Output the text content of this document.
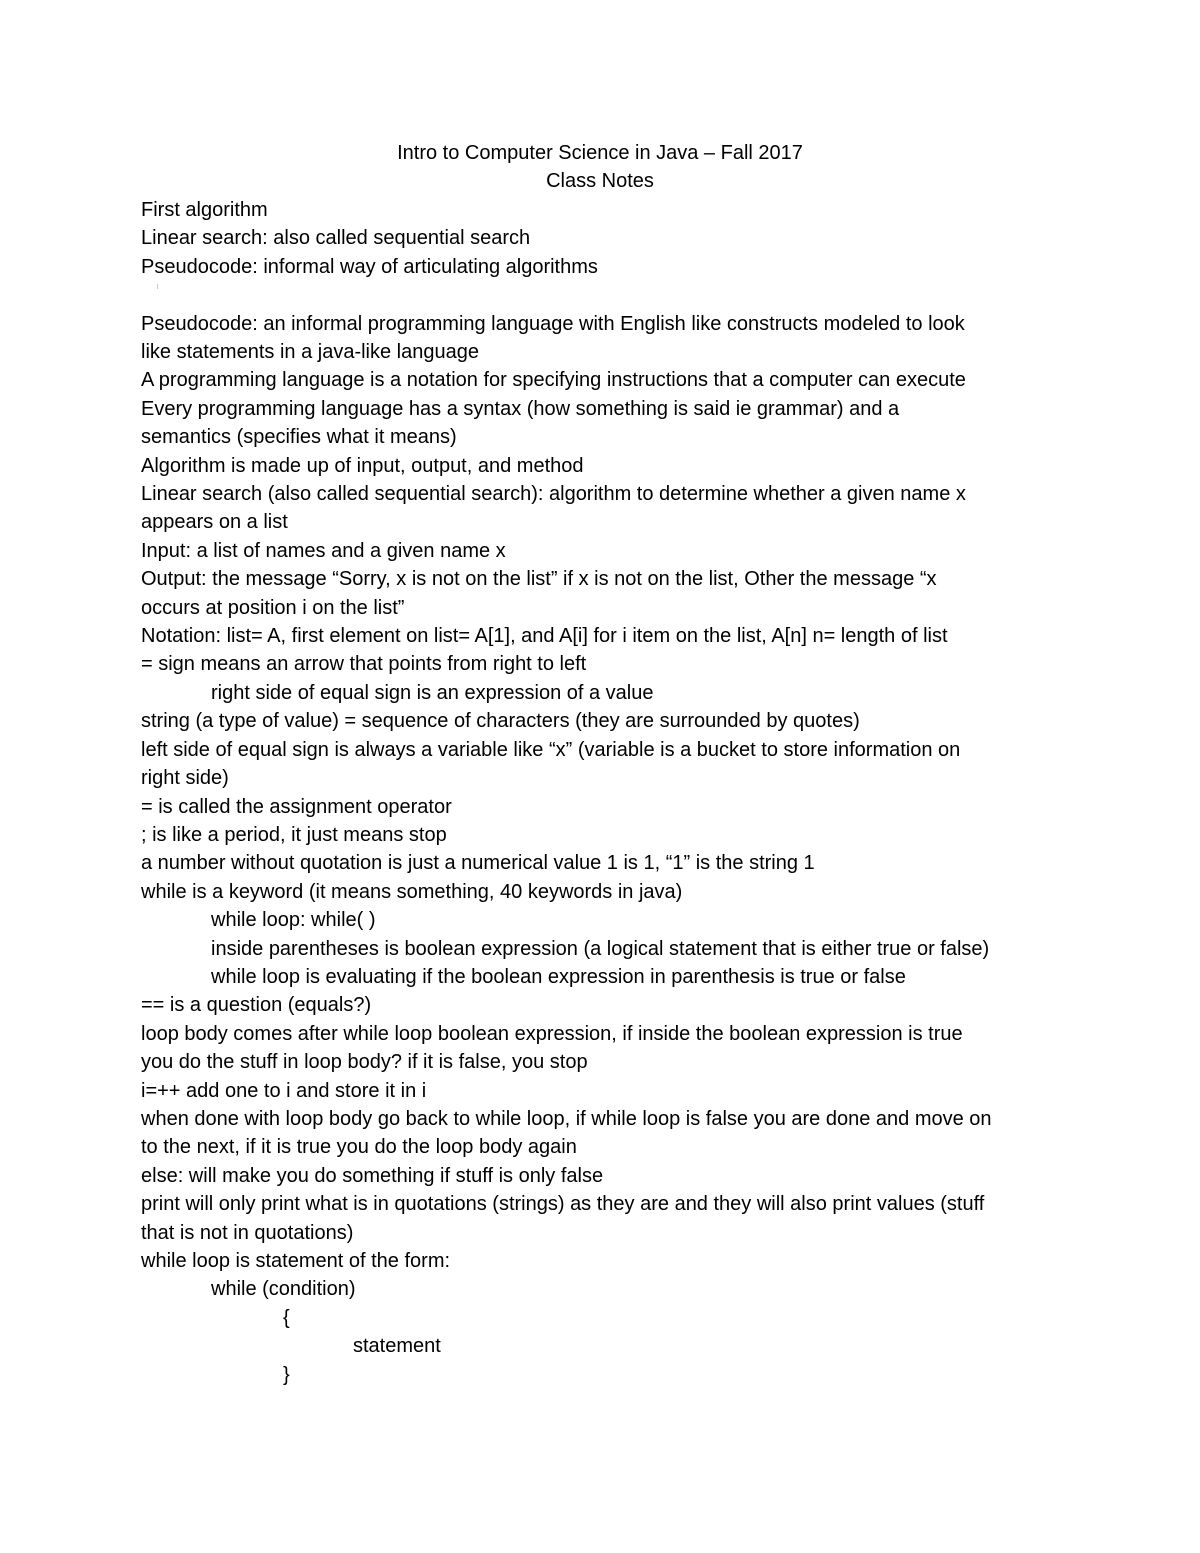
Intro to Computer Science in Java – Fall 2017
Class Notes
First algorithm
Linear search: also called sequential search
Pseudocode: informal way of articulating algorithms
Pseudocode: an informal programming language with English like constructs modeled to look
like statements in a java-like language
A programming language is a notation for specifying instructions that a computer can execute
Every programming language has a syntax (how something is said ie grammar) and a
semantics (specifies what it means)
Algorithm is made up of input, output, and method
Linear search (also called sequential search): algorithm to determine whether a given name x
appears on a list
Input: a list of names and a given name x
Output: the message “Sorry, x is not on the list” if x is not on the list, Other the message “x
occurs at position i on the list”
Notation: list= A, first element on list= A[1], and A[i] for i item on the list, A[n] n= length of list
= sign means an arrow that points from right to left
right side of equal sign is an expression of a value
string (a type of value) = sequence of characters (they are surrounded by quotes)
left side of equal sign is always a variable like “x” (variable is a bucket to store information on
right side)
= is called the assignment operator
; is like a period, it just means stop
a number without quotation is just a numerical value 1 is 1, “1” is the string 1
while is a keyword (it means something, 40 keywords in java)
while loop: while( )
inside parentheses is boolean expression (a logical statement that is either true or false)
while loop is evaluating if the boolean expression in parenthesis is true or false
== is a question (equals?)
loop body comes after while loop boolean expression, if inside the boolean expression is true
you do the stuff in loop body? if it is false, you stop
i=++ add one to i and store it in i
when done with loop body go back to while loop, if while loop is false you are done and move on
to the next, if it is true you do the loop body again
else: will make you do something if stuff is only false
print will only print what is in quotations (strings) as they are and they will also print values (stuff
that is not in quotations)
while loop is statement of the form:
while (condition)
{
statement
}
